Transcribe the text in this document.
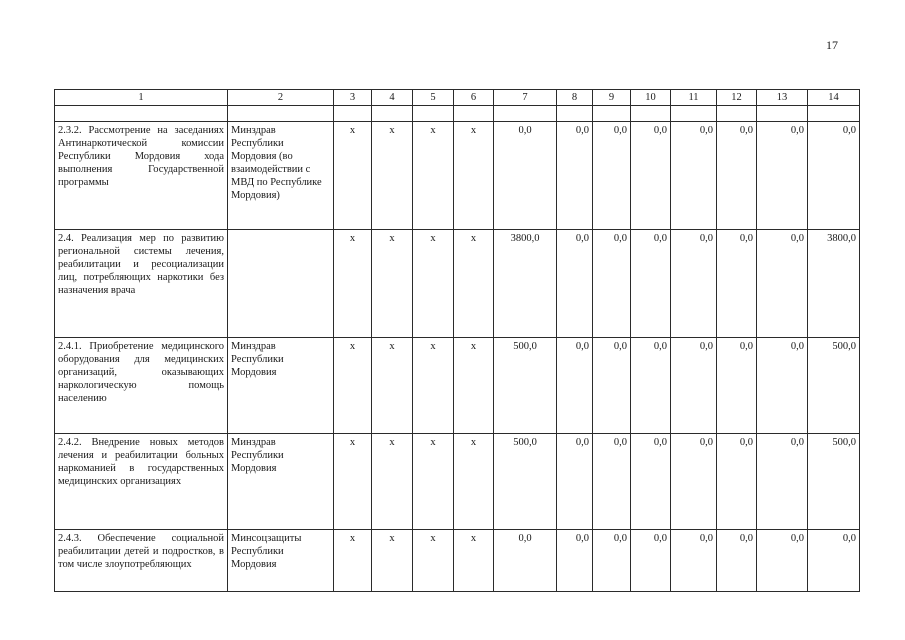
17
1	2	3	4	5	6	7	8	9	10	11	12	13	14

2.3.2. Рассмотрение на заседаниях Антинаркотической комиссии Республики Мордовия хода выполнения Государственной программы	Минздрав Республики Мордовия (во взаимодействии с МВД по Республике Мордовия)	x	x	x	x	0,0	0,0	0,0	0,0	0,0	0,0	0,0	0,0
2.4. Реализация мер по развитию региональной системы лечения, реабилитации и ресоциализации лиц, потребляющих наркотики без назначения врача		x	x	x	x	3800,0	0,0	0,0	0,0	0,0	0,0	0,0	3800,0
2.4.1. Приобретение медицинского оборудования для медицинских организаций, оказывающих наркологическую помощь населению	Минздрав Республики Мордовия	x	x	x	x	500,0	0,0	0,0	0,0	0,0	0,0	0,0	500,0
2.4.2. Внедрение новых методов лечения и реабилитации больных наркоманией в государственных медицинских организациях	Минздрав Республики Мордовия	x	x	x	x	500,0	0,0	0,0	0,0	0,0	0,0	0,0	500,0
2.4.3. Обеспечение социальной реабилитации детей и подростков, в том числе злоупотребляющих	Минсоцзащиты Республики Мордовия	x	x	x	x	0,0	0,0	0,0	0,0	0,0	0,0	0,0	0,0
